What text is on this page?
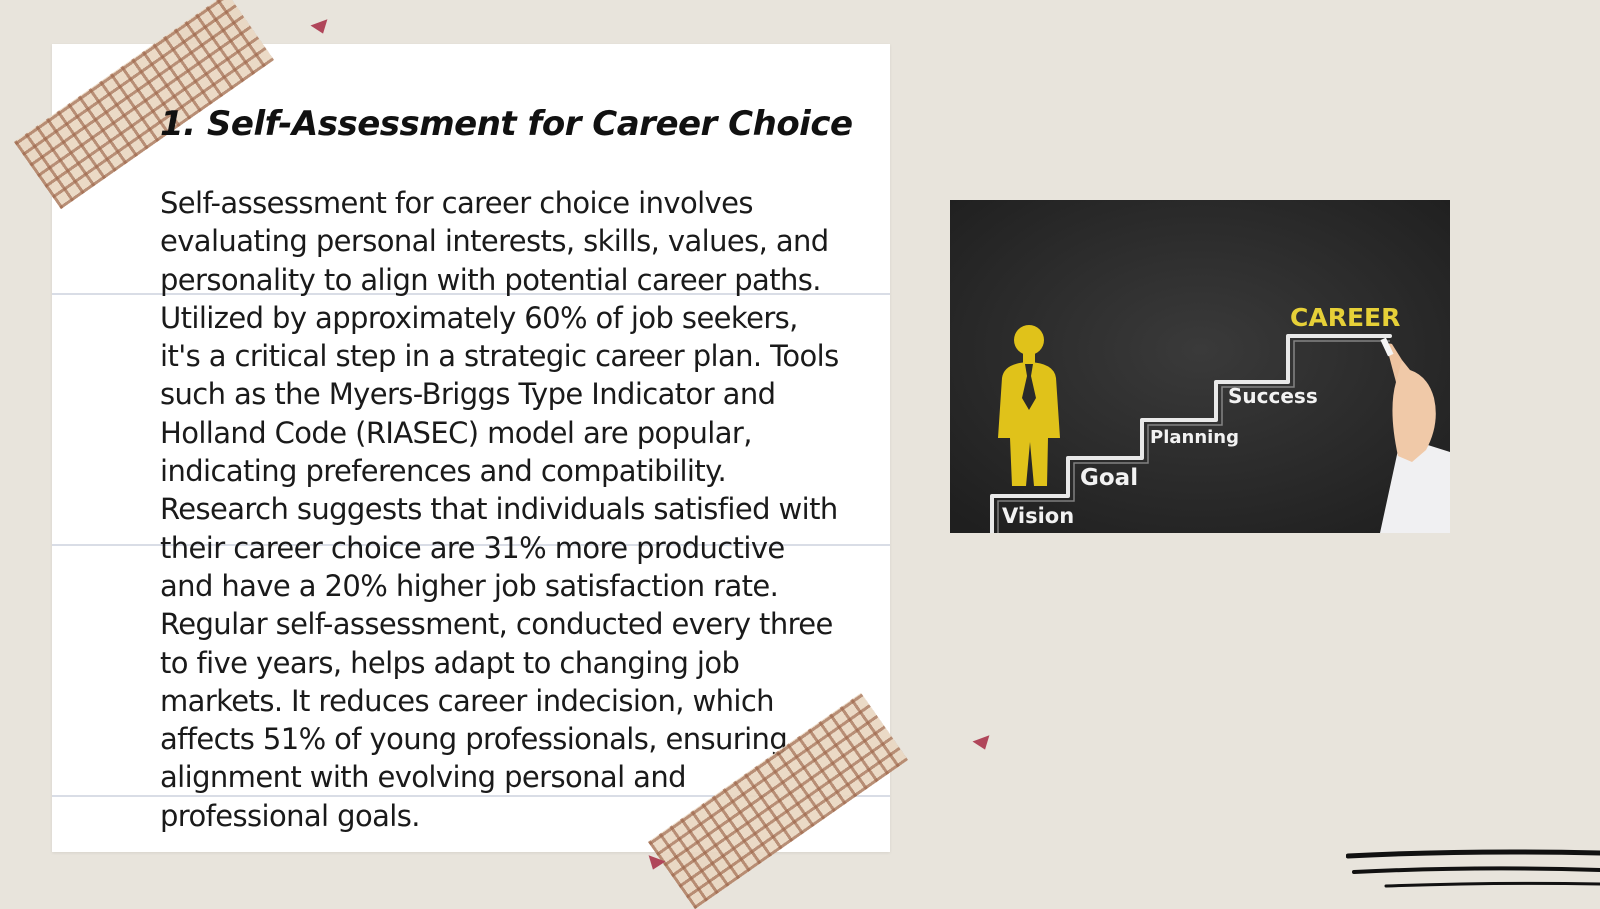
1. Self-Assessment for Career Choice

Self-assessment for career choice involves evaluating personal interests, skills, values, and personality to align with potential career paths. Utilized by approximately 60% of job seekers, it's a critical step in a strategic career plan. Tools such as the Myers-Briggs Type Indicator and Holland Code (RIASEC) model are popular, indicating preferences and compatibility. Research suggests that individuals satisfied with their career choice are 31% more productive and have a 20% higher job satisfaction rate. Regular self-assessment, conducted every three to five years, helps adapt to changing job markets. It reduces career indecision, which affects 51% of young professionals, ensuring alignment with evolving personal and professional goals.

Vision
Goal
Planning
Success
CAREER
